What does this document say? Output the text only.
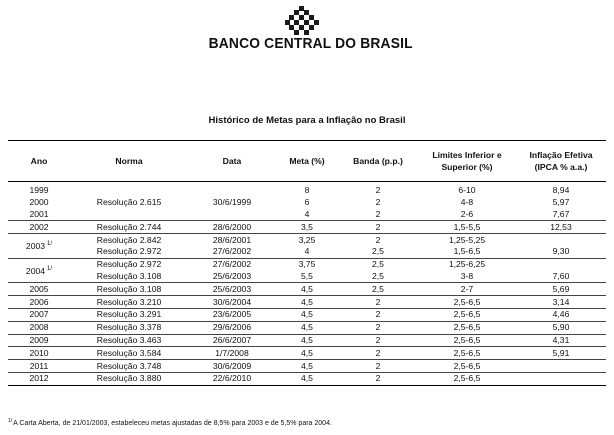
BANCO CENTRAL DO BRASIL
Histórico de Metas para a Inflação no Brasil
Ano	Norma	Data	Meta (%)	Banda (p.p.)	Limites Inferior e Superior (%)	Inflação Efetiva (IPCA % a.a.)
1999			8	2	6-10	8,94
2000	Resolução 2.615	30/6/1999	6	2	4-8	5,97
2001			4	2	2-6	7,67
2002	Resolução 2.744	28/6/2000	3,5	2	1,5-5,5	12,53
2003 $^{1/}$	Resolução 2.842	28/6/2001	3,25	2	1,25-5,25	
	Resolução 2.972	27/6/2002	4	2,5	1,5-6,5	9,30
2004 $^{1/}$	Resolução 2.972	27/6/2002	3,75	2,5	1,25-6,25	
	Resolução 3.108	25/6/2003	5,5	2,5	3-8	7,60
2005	Resolução 3.108	25/6/2003	4,5	2,5	2-7	5,69
2006	Resolução 3.210	30/6/2004	4,5	2	2,5-6,5	3,14
2007	Resolução 3.291	23/6/2005	4,5	2	2,5-6,5	4,46
2008	Resolução 3.378	29/6/2006	4,5	2	2,5-6,5	5,90
2009	Resolução 3.463	26/6/2007	4,5	2	2,5-6,5	4,31
2010	Resolução 3.584	1/7/2008	4,5	2	2,5-6,5	5,91
2011	Resolução 3.748	30/6/2009	4,5	2	2,5-6,5	
2012	Resolução 3.880	22/6/2010	4,5	2	2,5-6,5	
$^{1/}$A Carta Aberta, de 21/01/2003, estabeleceu metas ajustadas de 8,5% para 2003 e de 5,5% para 2004.
